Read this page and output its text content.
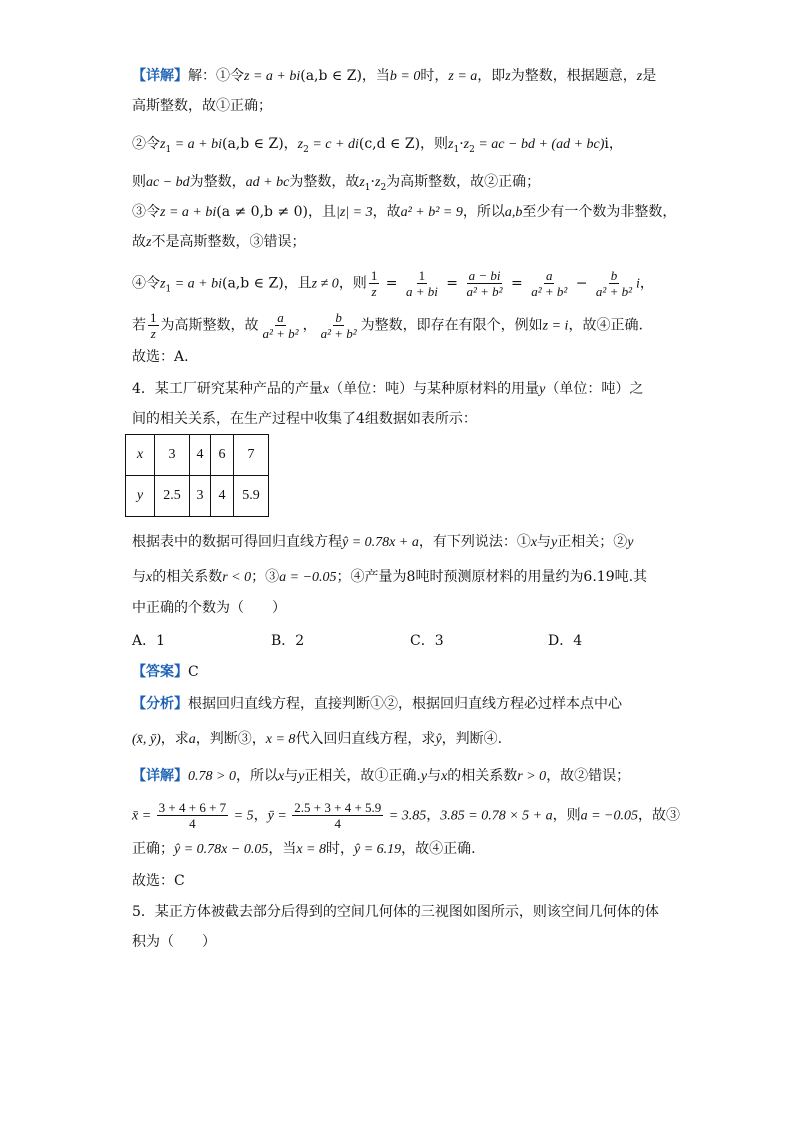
【详解】解：①令z = a + bi(a,b ∈ Z)，当b = 0时，z = a，即z为整数，根据题意，z是
高斯整数，故①正确；
②令$z_1 = a + bi(a,b$ ∈ Z)，$z_2 = c + di(c,d$ ∈ Z)，则$z_1\cdot z_2$ = ac − bd + (ad + bc)i，
则ac − bd为整数，ad + bc为整数，故$z_1\cdot z_2$为高斯整数，故②正确；
③令z = a + bi(a ≠ 0,b ≠ 0)，且|z| = 3，故a² + b² = 9，所以a,b至少有一个数为非整数，
故z不是高斯整数，③错误；
④令$z_1 = a + bi(a,b$ ∈ Z)，且z ≠ 0，则 $\frac{1}{z} = \frac{1}{a + bi} = \frac{a - bi}{\text{a² + b²}} = \frac{a}{\text{a² + b²}} - \frac{b}{\text{a² + b²}}$ i，
若 $\frac{1}{z}$ 为高斯整数，故 $\frac{a}{\text{a² + b²}}$ ， $\frac{b}{\text{a² + b²}}$ 为整数，即存在有限个，例如z = i，故④正确.
故选：A.
4．某工厂研究某种产品的产量x（单位：吨）与某种原材料的用量y（单位：吨）之
间的相关关系，在生产过程中收集了4组数据如表所示：
x	3	4	6	7
y	2.5	3	4	5.9
根据表中的数据可得回归直线方程ŷ = 0.78x + a，有下列说法：①x与y正相关；②y
与x的相关系数r < 0；③a = −0.05；④产量为8吨时预测原材料的用量约为6.19吨.其
中正确的个数为（　　）
A．1	B．2	C．3	D．4
【答案】C
【分析】根据回归直线方程，直接判断①②，根据回归直线方程必过样本点中心
(x̄, ȳ)，求a，判断③，x = 8代入回归直线方程，求ŷ，判断④.
【详解】0.78 > 0，所以x与y正相关，故①正确.y与x的相关系数r > 0，故②错误；
x̄ = $\frac{3 + 4 + 6 + 7}{4} = 5$，ȳ = $\frac{2.5 + 3 + 4 + 5.9}{4} = 3.85$，3.85 = 0.78 × 5 + a，则a = −0.05，故③
正确；ŷ = 0.78x − 0.05，当x = 8时，ŷ = 6.19，故④正确.
故选：C
5．某正方体被截去部分后得到的空间几何体的三视图如图所示，则该空间几何体的体
积为（　　）
